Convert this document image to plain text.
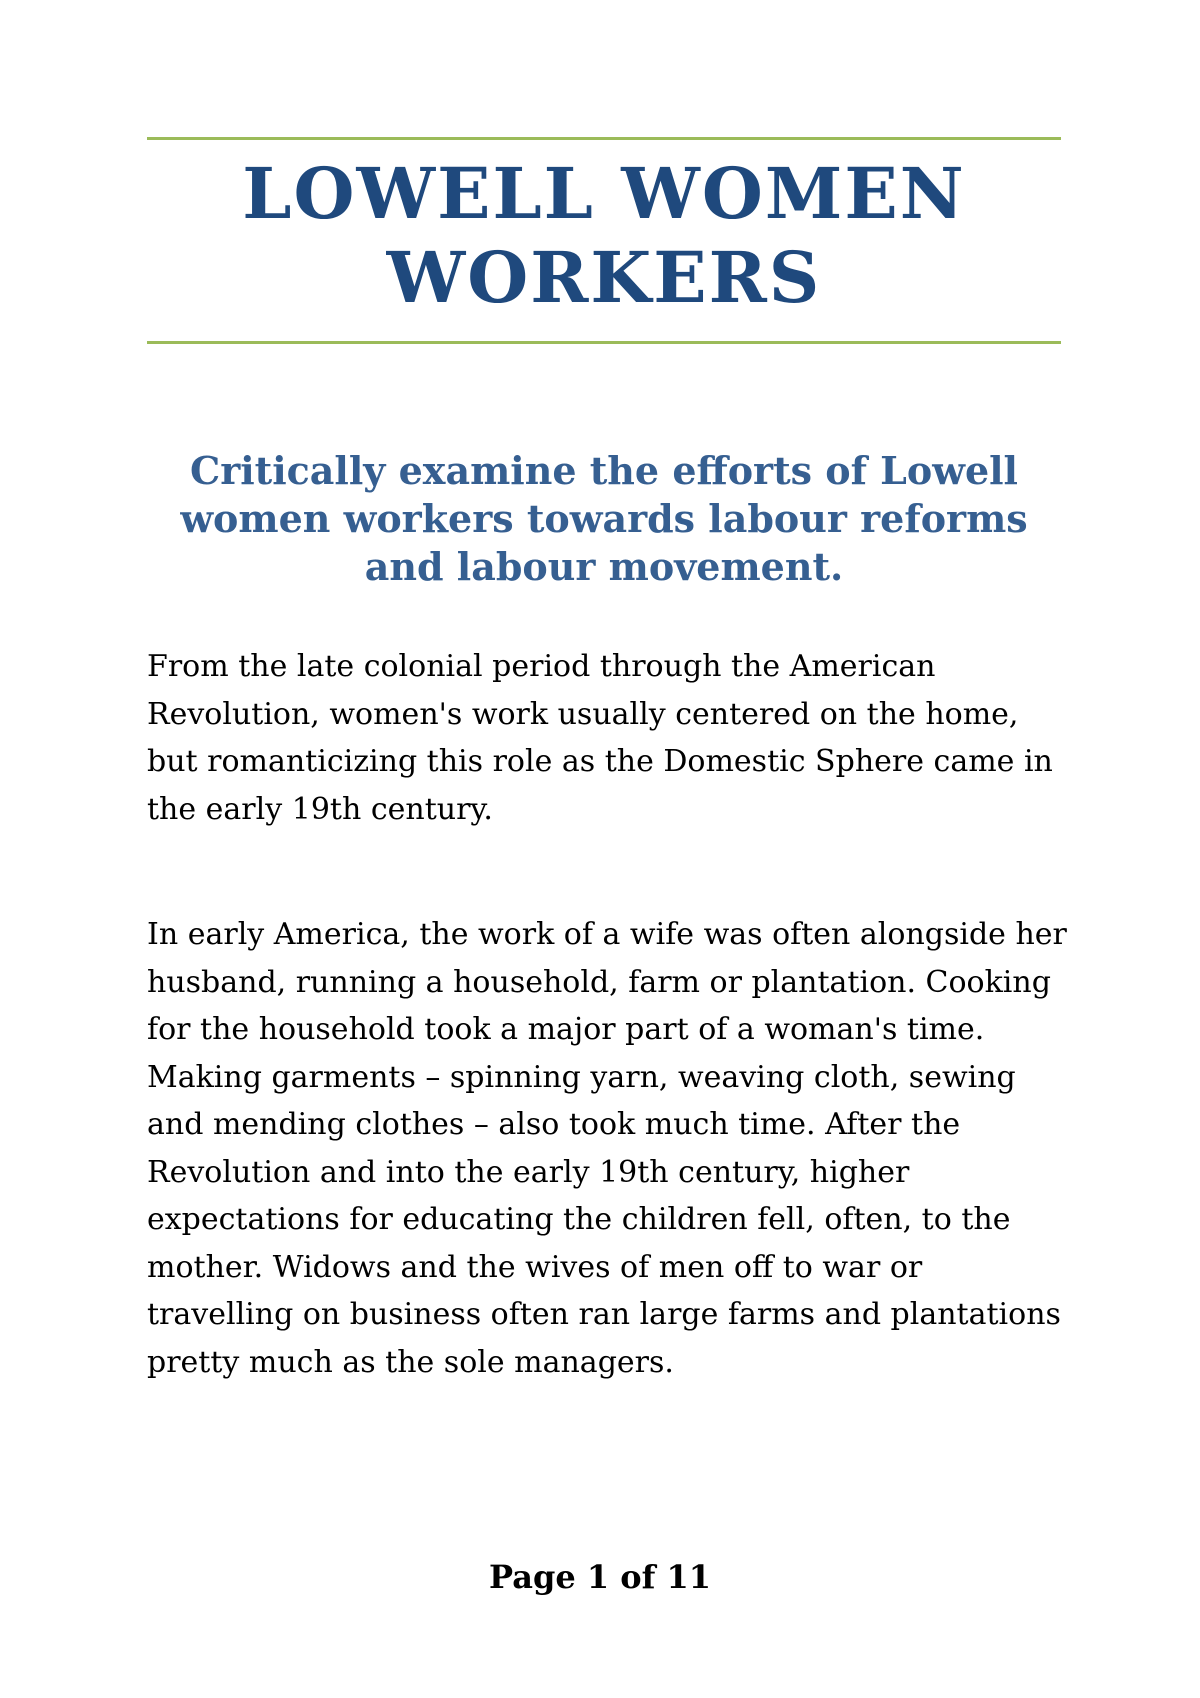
LOWELL WOMEN WORKERS
Critically examine the efforts of Lowell women workers towards labour reforms and labour movement.

From the late colonial period through the American Revolution, women's work usually centered on the home, but romanticizing this role as the Domestic Sphere came in the early 19th century.

In early America, the work of a wife was often alongside her husband, running a household, farm or plantation. Cooking for the household took a major part of a woman's time. Making garments – spinning yarn, weaving cloth, sewing and mending clothes – also took much time. After the Revolution and into the early 19th century, higher expectations for educating the children fell, often, to the mother. Widows and the wives of men off to war or travelling on business often ran large farms and plantations pretty much as the sole managers.

Page 1 of 11
